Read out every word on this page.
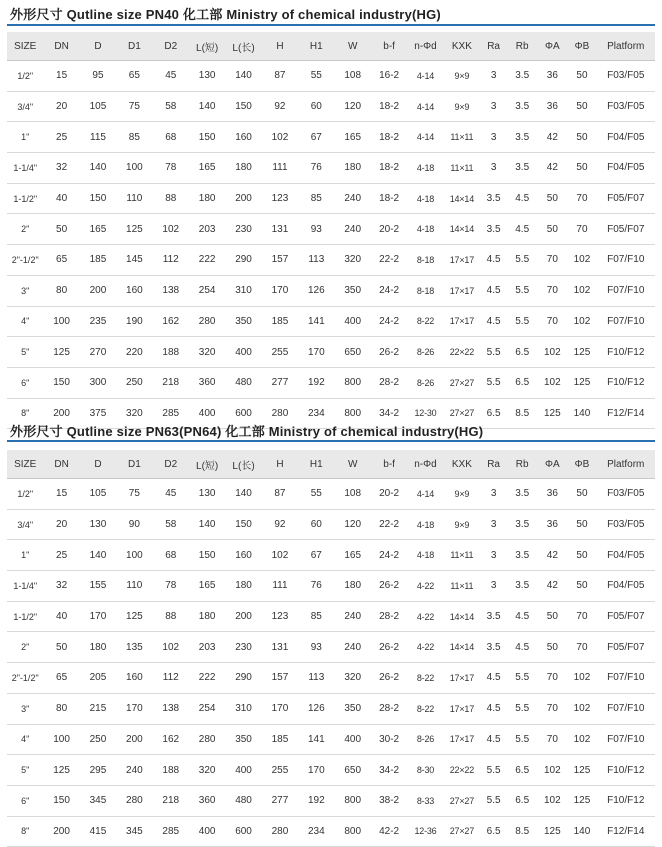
外形尺寸 Qutline size PN40 化工部 Ministry of chemical industry(HG)
SIZE	DN	D	D1	D2	L(短)	L(长)	H	H1	W	b-f	n-Φd	KXK	Ra	Rb	ΦA	ΦB	Platform
1/2"	15	95	65	45	130	140	87	55	108	16-2	4-14	9×9	3	3.5	36	50	F03/F05
3/4"	20	105	75	58	140	150	92	60	120	18-2	4-14	9×9	3	3.5	36	50	F03/F05
1"	25	115	85	68	150	160	102	67	165	18-2	4-14	11×11	3	3.5	42	50	F04/F05
1-1/4"	32	140	100	78	165	180	111	76	180	18-2	4-18	11×11	3	3.5	42	50	F04/F05
1-1/2"	40	150	110	88	180	200	123	85	240	18-2	4-18	14×14	3.5	4.5	50	70	F05/F07
2"	50	165	125	102	203	230	131	93	240	20-2	4-18	14×14	3.5	4.5	50	70	F05/F07
2"-1/2"	65	185	145	112	222	290	157	113	320	22-2	8-18	17×17	4.5	5.5	70	102	F07/F10
3"	80	200	160	138	254	310	170	126	350	24-2	8-18	17×17	4.5	5.5	70	102	F07/F10
4"	100	235	190	162	280	350	185	141	400	24-2	8-22	17×17	4.5	5.5	70	102	F07/F10
5"	125	270	220	188	320	400	255	170	650	26-2	8-26	22×22	5.5	6.5	102	125	F10/F12
6"	150	300	250	218	360	480	277	192	800	28-2	8-26	27×27	5.5	6.5	102	125	F10/F12
8"	200	375	320	285	400	600	280	234	800	34-2	12-30	27×27	6.5	8.5	125	140	F12/F14
外形尺寸 Qutline size PN63(PN64) 化工部 Ministry of chemical industry(HG)
SIZE	DN	D	D1	D2	L(短)	L(长)	H	H1	W	b-f	n-Φd	KXK	Ra	Rb	ΦA	ΦB	Platform
1/2"	15	105	75	45	130	140	87	55	108	20-2	4-14	9×9	3	3.5	36	50	F03/F05
3/4"	20	130	90	58	140	150	92	60	120	22-2	4-18	9×9	3	3.5	36	50	F03/F05
1"	25	140	100	68	150	160	102	67	165	24-2	4-18	11×11	3	3.5	42	50	F04/F05
1-1/4"	32	155	110	78	165	180	111	76	180	26-2	4-22	11×11	3	3.5	42	50	F04/F05
1-1/2"	40	170	125	88	180	200	123	85	240	28-2	4-22	14×14	3.5	4.5	50	70	F05/F07
2"	50	180	135	102	203	230	131	93	240	26-2	4-22	14×14	3.5	4.5	50	70	F05/F07
2"-1/2"	65	205	160	112	222	290	157	113	320	26-2	8-22	17×17	4.5	5.5	70	102	F07/F10
3"	80	215	170	138	254	310	170	126	350	28-2	8-22	17×17	4.5	5.5	70	102	F07/F10
4"	100	250	200	162	280	350	185	141	400	30-2	8-26	17×17	4.5	5.5	70	102	F07/F10
5"	125	295	240	188	320	400	255	170	650	34-2	8-30	22×22	5.5	6.5	102	125	F10/F12
6"	150	345	280	218	360	480	277	192	800	38-2	8-33	27×27	5.5	6.5	102	125	F10/F12
8"	200	415	345	285	400	600	280	234	800	42-2	12-36	27×27	6.5	8.5	125	140	F12/F14
